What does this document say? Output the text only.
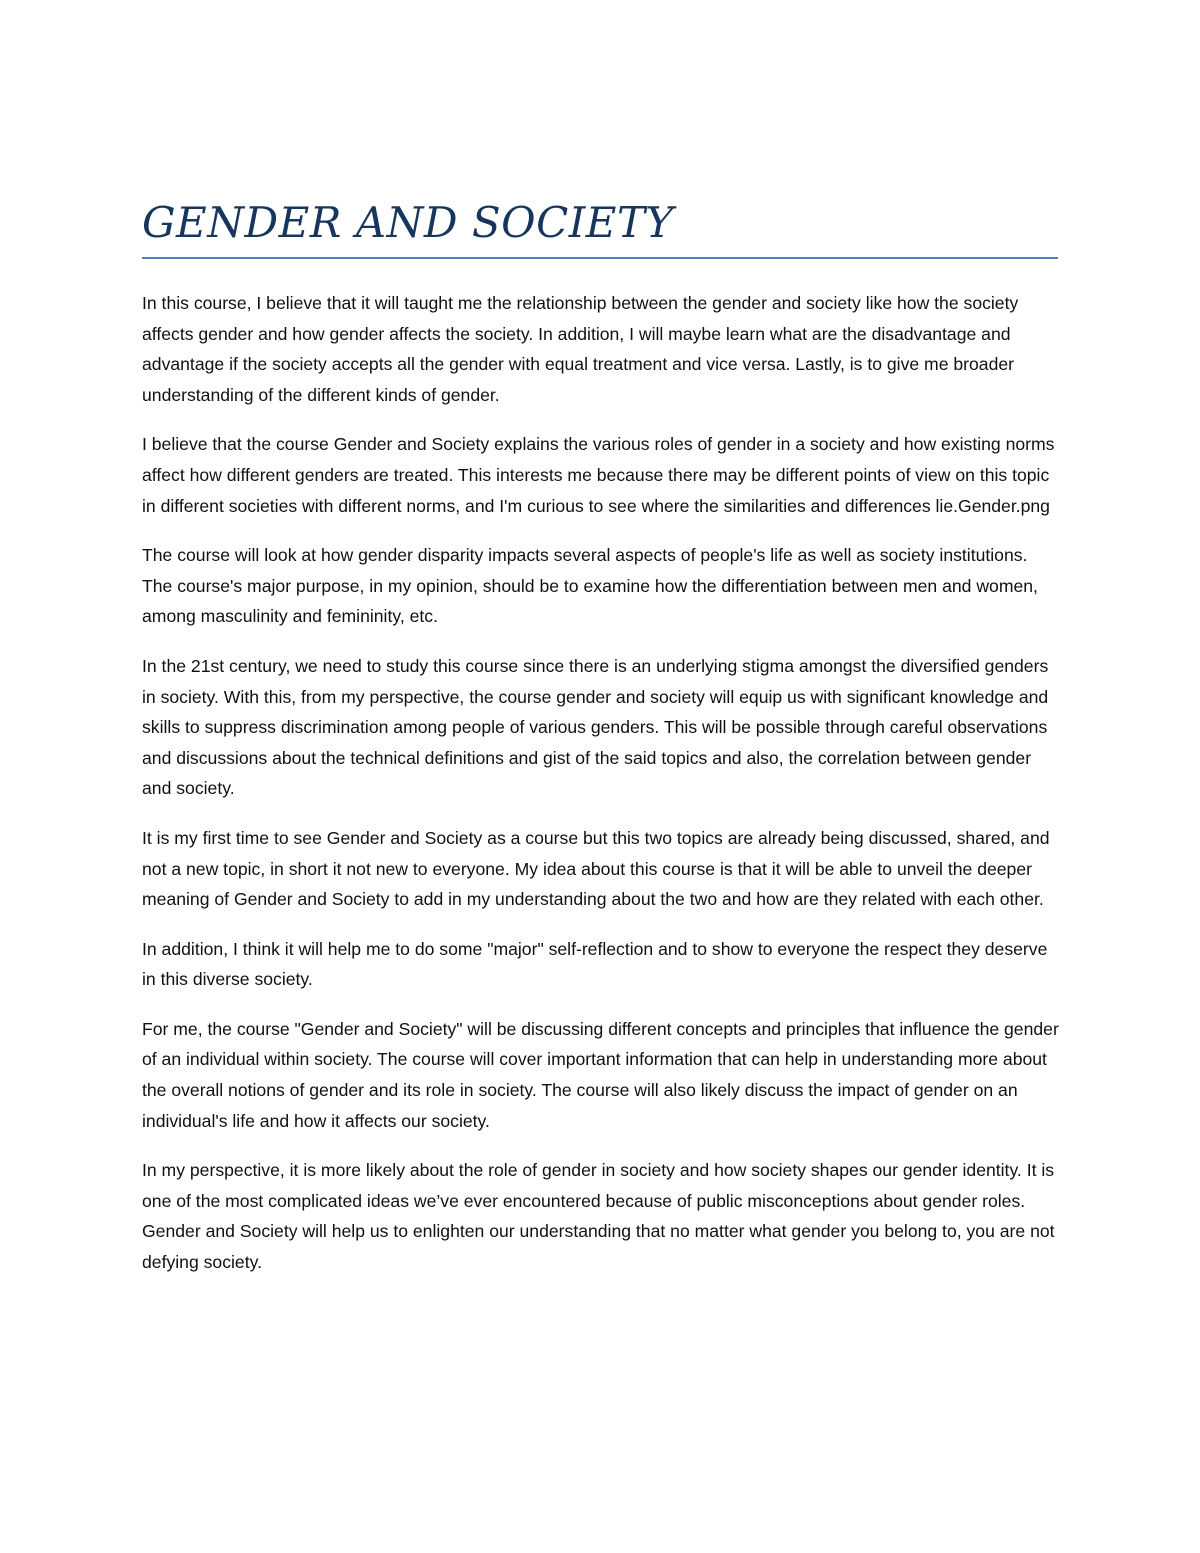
GENDER AND SOCIETY

In this course, I believe that it will taught me the relationship between the gender and society like how the society affects gender and how gender affects the society. In addition, I will maybe learn what are the disadvantage and advantage if the society accepts all the gender with equal treatment and vice versa. Lastly, is to give me broader understanding of the different kinds of gender.

I believe that the course Gender and Society explains the various roles of gender in a society and how existing norms affect how different genders are treated. This interests me because there may be different points of view on this topic in different societies with different norms, and I'm curious to see where the similarities and differences lie.Gender.png

The course will look at how gender disparity impacts several aspects of people's life as well as society institutions. The course's major purpose, in my opinion, should be to examine how the differentiation between men and women, among masculinity and femininity, etc.

In the 21st century, we need to study this course since there is an underlying stigma amongst the diversified genders in society. With this, from my perspective, the course gender and society will equip us with significant knowledge and skills to suppress discrimination among people of various genders. This will be possible through careful observations and discussions about the technical definitions and gist of the said topics and also, the correlation between gender and society.

It is my first time to see Gender and Society as a course but this two topics are already being discussed, shared, and not a new topic, in short it not new to everyone. My idea about this course is that it will be able to unveil the deeper meaning of Gender and Society to add in my understanding about the two and how are they related with each other.

In addition, I think it will help me to do some "major" self-reflection and to show to everyone the respect they deserve in this diverse society.

For me, the course "Gender and Society" will be discussing different concepts and principles that influence the gender of an individual within society. The course will cover important information that can help in understanding more about the overall notions of gender and its role in society. The course will also likely discuss the impact of gender on an individual's life and how it affects our society.

In my perspective, it is more likely about the role of gender in society and how society shapes our gender identity. It is one of the most complicated ideas we’ve ever encountered because of public misconceptions about gender roles. Gender and Society will help us to enlighten our understanding that no matter what gender you belong to, you are not defying society.
